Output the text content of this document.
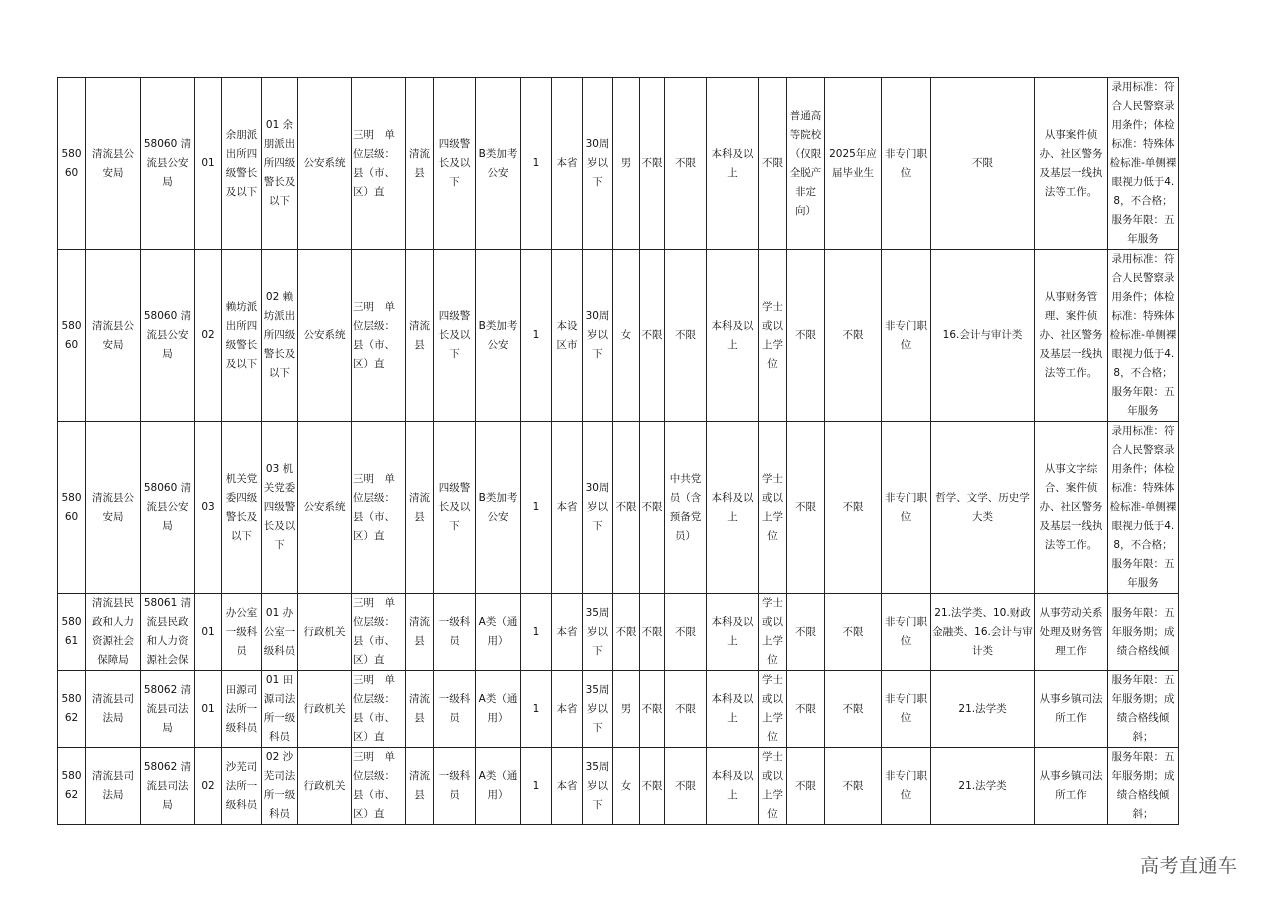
58060	清流县公安局	58060 清流县公安局	01	余朋派出所四级警长及以下	01 余朋派出所四级警长及以下	公安系统	三明　单位层级：县（市、区）直	清流县	四级警长及以下	B类加考公安	1	本省	30周岁以下	男	不限	不限	本科及以上	不限	普通高等院校（仅限全脱产非定向）	2025年应届毕业生	非专门职位	不限	从事案件侦办、社区警务及基层一线执法等工作。	录用标准：符合人民警察录用条件；体检标准：特殊体检标准-单侧裸眼视力低于4.8，不合格；服务年限：五年服务
58060	清流县公安局	58060 清流县公安局	02	赖坊派出所四级警长及以下	02 赖坊派出所四级警长及以下	公安系统	三明　单位层级：县（市、区）直	清流县	四级警长及以下	B类加考公安	1	本设区市	30周岁以下	女	不限	不限	本科及以上	学士或以上学位	不限	不限	非专门职位	16.会计与审计类	从事财务管理、案件侦办、社区警务及基层一线执法等工作。	录用标准：符合人民警察录用条件；体检标准：特殊体检标准-单侧裸眼视力低于4.8，不合格；服务年限：五年服务
58060	清流县公安局	58060 清流县公安局	03	机关党委四级警长及以下	03 机关党委四级警长及以下	公安系统	三明　单位层级：县（市、区）直	清流县	四级警长及以下	B类加考公安	1	本省	30周岁以下	不限	不限	中共党员（含预备党员）	本科及以上	学士或以上学位	不限	不限	非专门职位	哲学、文学、历史学大类	从事文字综合、案件侦办、社区警务及基层一线执法等工作。	录用标准：符合人民警察录用条件；体检标准：特殊体检标准-单侧裸眼视力低于4.8，不合格；服务年限：五年服务
58061	清流县民政和人力资源社会保障局	58061 清流县民政和人力资源社会保	01	办公室一级科员	01 办公室一级科员	行政机关	三明　单位层级：县（市、区）直	清流县	一级科员	A类（通用）	1	本省	35周岁以下	不限	不限	不限	本科及以上	学士或以上学位	不限	不限	非专门职位	21.法学类、10.财政金融类、16.会计与审计类	从事劳动关系处理及财务管理工作	服务年限：五年服务期；成绩合格线倾
58062	清流县司法局	58062 清流县司法局	01	田源司法所一级科员	01 田源司法所一级科员	行政机关	三明　单位层级：县（市、区）直	清流县	一级科员	A类（通用）	1	本省	35周岁以下	男	不限	不限	本科及以上	学士或以上学位	不限	不限	非专门职位	21.法学类	从事乡镇司法所工作	服务年限：五年服务期；成绩合格线倾斜；
58062	清流县司法局	58062 清流县司法局	02	沙芜司法所一级科员	02 沙芜司法所一级科员	行政机关	三明　单位层级：县（市、区）直	清流县	一级科员	A类（通用）	1	本省	35周岁以下	女	不限	不限	本科及以上	学士或以上学位	不限	不限	非专门职位	21.法学类	从事乡镇司法所工作	服务年限：五年服务期；成绩合格线倾斜；
高考直通车
